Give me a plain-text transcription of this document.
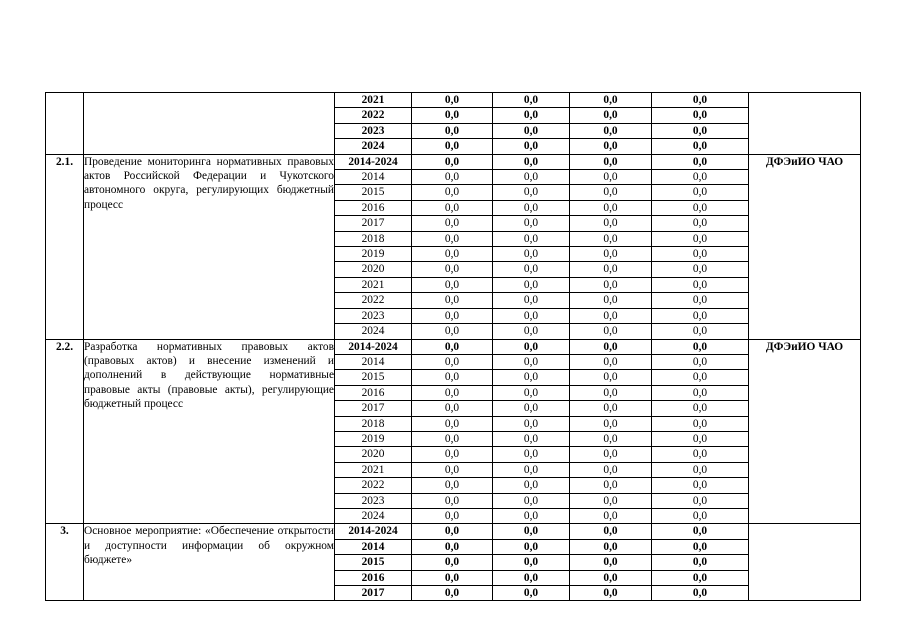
		2021	0,0	0,0	0,0	0,0	
		2022	0,0	0,0	0,0	0,0	
		2023	0,0	0,0	0,0	0,0	
		2024	0,0	0,0	0,0	0,0	
2.1.	Проведение мониторинга нормативных правовых актов Российской Федерации и Чукотского автономного округа, регулирующих бюджетный процесс	2014-2024	0,0	0,0	0,0	0,0	ДФЭиИО ЧАО
		2014	0,0	0,0	0,0	0,0	
		2015	0,0	0,0	0,0	0,0	
		2016	0,0	0,0	0,0	0,0	
		2017	0,0	0,0	0,0	0,0	
		2018	0,0	0,0	0,0	0,0	
		2019	0,0	0,0	0,0	0,0	
		2020	0,0	0,0	0,0	0,0	
		2021	0,0	0,0	0,0	0,0	
		2022	0,0	0,0	0,0	0,0	
		2023	0,0	0,0	0,0	0,0	
		2024	0,0	0,0	0,0	0,0	
2.2.	Разработка нормативных правовых актов (правовых актов) и внесение изменений и дополнений в действующие нормативные правовые акты (правовые акты), регулирующие бюджетный процесс	2014-2024	0,0	0,0	0,0	0,0	ДФЭиИО ЧАО
		2014	0,0	0,0	0,0	0,0	
		2015	0,0	0,0	0,0	0,0	
		2016	0,0	0,0	0,0	0,0	
		2017	0,0	0,0	0,0	0,0	
		2018	0,0	0,0	0,0	0,0	
		2019	0,0	0,0	0,0	0,0	
		2020	0,0	0,0	0,0	0,0	
		2021	0,0	0,0	0,0	0,0	
		2022	0,0	0,0	0,0	0,0	
		2023	0,0	0,0	0,0	0,0	
		2024	0,0	0,0	0,0	0,0	
3.	Основное мероприятие: «Обеспечение открытости и доступности информации об окружном бюджете»	2014-2024	0,0	0,0	0,0	0,0	
		2014	0,0	0,0	0,0	0,0	
		2015	0,0	0,0	0,0	0,0	
		2016	0,0	0,0	0,0	0,0	
		2017	0,0	0,0	0,0	0,0	
